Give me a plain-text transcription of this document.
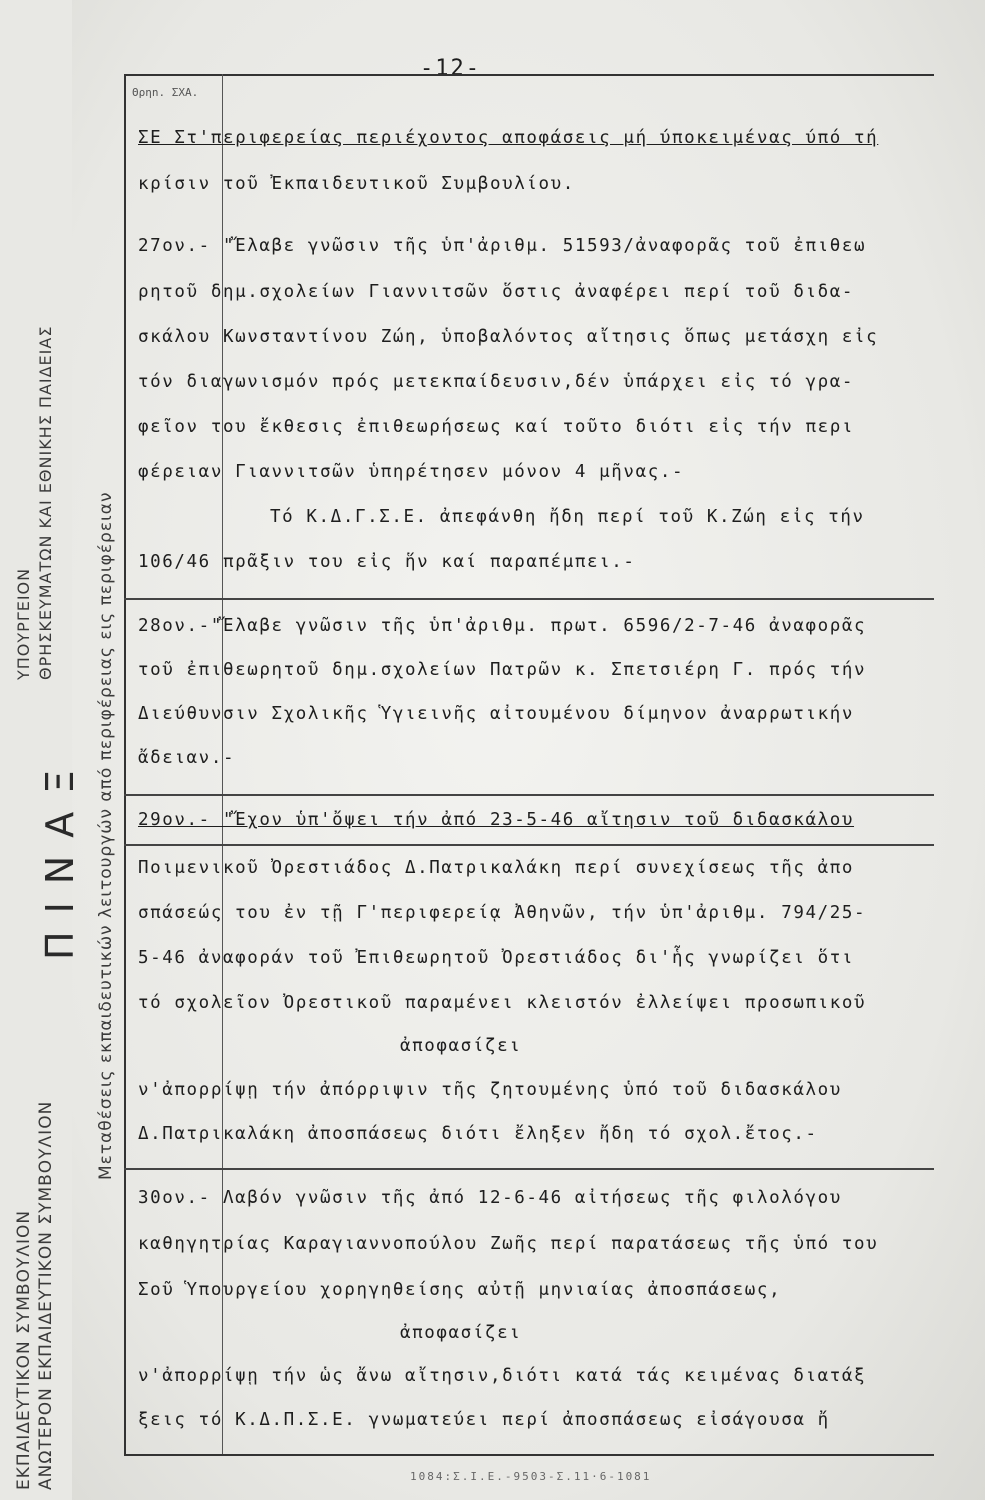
ΥΠΟΥΡΓΕΙΟΝ ΘΡΗΣΚΕΥΜΑΤΩΝ ΚΑΙ ΕΘΝΙΚΗΣ ΠΑΙΔΕΙΑΣ
ΠΙΝΑΞ
ΕΚΠΑΙΔΕΥΤΙΚΟΝ ΣΥΜΒΟΥΛΙΟΝ ΑΝΩΤΕΡΟΝ ΕΚΠΑΙΔΕΥΤΙΚΟΝ ΣΥΜΒΟΥΛΙΟΝ
Μεταθέσεις εκπαιδευτικών λειτουργών από περιφέρειας εις περιφέρειαν
-12-
Θρηn. ΣΧΑ.
ΣΕ Στ'περιφερείας περιέχοντος αποφάσεις μή ύποκειμένας ύπό τή
κρίσιν τοῦ Ἐκπαιδευτικοῦ Συμβουλίου.
27ον.- "Ἔλαβε γνῶσιν τῆς ὑπ'ἀριθμ. 51593/ἀναφορᾶς τοῦ ἐπιθεω
ρητοῦ δημ.σχολείων Γιαννιτσῶν ὅστις ἀναφέρει περί τοῦ διδα-
σκάλου Κωνσταντίνου Ζώη, ὑποβαλόντος αἴτησις ὅπως μετάσχη εἰς
τόν διαγωνισμόν πρός μετεκπαίδευσιν,δέν ὑπάρχει εἰς τό γρα-
φεῖον του ἔκθεσις ἐπιθεωρήσεως καί τοῦτο διότι εἰς τήν περι
φέρειαν Γιαννιτσῶν ὑπηρέτησεν μόνον 4 μῆνας.-
Τό Κ.Δ.Γ.Σ.Ε. ἀπεφάνθη ἤδη περί τοῦ Κ.Ζώη εἰς τήν
106/46 πρᾶξιν του εἰς ἥν καί παραπέμπει.-
28ον.-"Ἔλαβε γνῶσιν τῆς ὑπ'ἀριθμ. πρωτ. 6596/2-7-46 ἀναφορᾶς
τοῦ ἐπιθεωρητοῦ δημ.σχολείων Πατρῶν κ. Σπετσιέρη Γ. πρός τήν
Διεύθυνσιν Σχολικῆς Ὑγιεινῆς αἰτουμένου δίμηνον ἀναρρωτικήν
ἄδειαν.-
29ον.- "Ἔχον ὑπ'ὄψει τήν ἀπό 23-5-46 αἴτησιν τοῦ διδασκάλου
Ποιμενικοῦ Ὀρεστιάδος Δ.Πατρικαλάκη περί συνεχίσεως τῆς ἀπο
σπάσεώς του ἐν τῇ Γ'περιφερείᾳ Ἀθηνῶν, τήν ὑπ'ἀριθμ. 794/25-
5-46 ἀναφοράν τοῦ Ἐπιθεωρητοῦ Ὀρεστιάδος δι'ἧς γνωρίζει ὅτι
τό σχολεῖον Ὀρεστικοῦ παραμένει κλειστόν ἐλλείψει προσωπικοῦ
ἀποφασίζει
ν'ἀπορρίψῃ τήν ἀπόρριψιν τῆς ζητουμένης ὑπό τοῦ διδασκάλου
Δ.Πατρικαλάκη ἀποσπάσεως διότι ἔληξεν ἤδη τό σχολ.ἔτος.-
30ον.- Λαβόν γνῶσιν τῆς ἀπό 12-6-46 αἰτήσεως τῆς φιλολόγου
καθηγητρίας Καραγιαννοπούλου Ζωῆς περί παρατάσεως τῆς ὑπό του
Σοῦ Ὑπουργείου χορηγηθείσης αὐτῇ μηνιαίας ἀποσπάσεως,
ἀποφασίζει
ν'ἀπορρίψῃ τήν ὡς ἄνω αἴτησιν,διότι κατά τάς κειμένας διατάξ
ξεις τό Κ.Δ.Π.Σ.Ε. γνωματεύει περί ἀποσπάσεως εἰσάγουσα ἤ
1084:Σ.Ι.Ε.-9503-Σ.11·6-1081
